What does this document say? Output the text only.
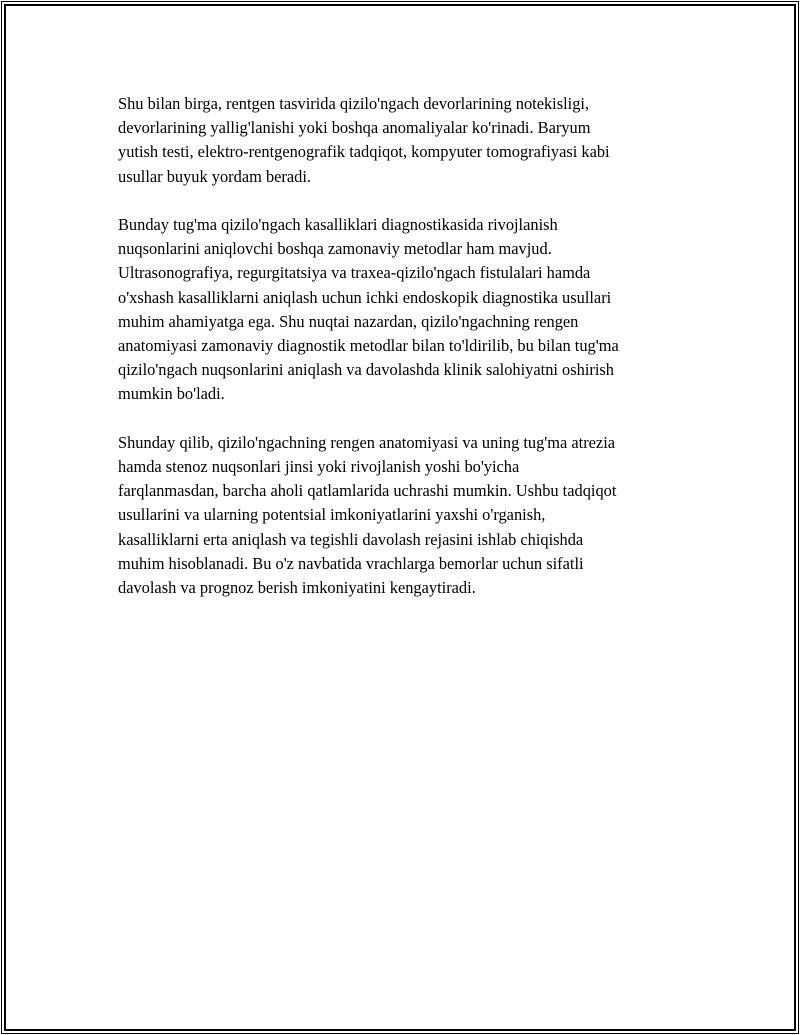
Shu bilan birga, rentgen tasvirida qizilo'ngach devorlarining notekisligi,
devorlarining yallig'lanishi yoki boshqa anomaliyalar ko'rinadi. Baryum
yutish testi, elektro-rentgenografik tadqiqot, kompyuter tomografiyasi kabi
usullar buyuk yordam beradi.

Bunday tug'ma qizilo'ngach kasalliklari diagnostikasida rivojlanish
nuqsonlarini aniqlovchi boshqa zamonaviy metodlar ham mavjud.
Ultrasonografiya, regurgitatsiya va traxea-qizilo'ngach fistulalari hamda
o'xshash kasalliklarni aniqlash uchun ichki endoskopik diagnostika usullari
muhim ahamiyatga ega. Shu nuqtai nazardan, qizilo'ngachning rengen
anatomiyasi zamonaviy diagnostik metodlar bilan to'ldirilib, bu bilan tug'ma
qizilo'ngach nuqsonlarini aniqlash va davolashda klinik salohiyatni oshirish
mumkin bo'ladi.

Shunday qilib, qizilo'ngachning rengen anatomiyasi va uning tug'ma atrezia
hamda stenoz nuqsonlari jinsi yoki rivojlanish yoshi bo'yicha
farqlanmasdan, barcha aholi qatlamlarida uchrashi mumkin. Ushbu tadqiqot
usullarini va ularning potentsial imkoniyatlarini yaxshi o'rganish,
kasalliklarni erta aniqlash va tegishli davolash rejasini ishlab chiqishda
muhim hisoblanadi. Bu o'z navbatida vrachlarga bemorlar uchun sifatli
davolash va prognoz berish imkoniyatini kengaytiradi.
